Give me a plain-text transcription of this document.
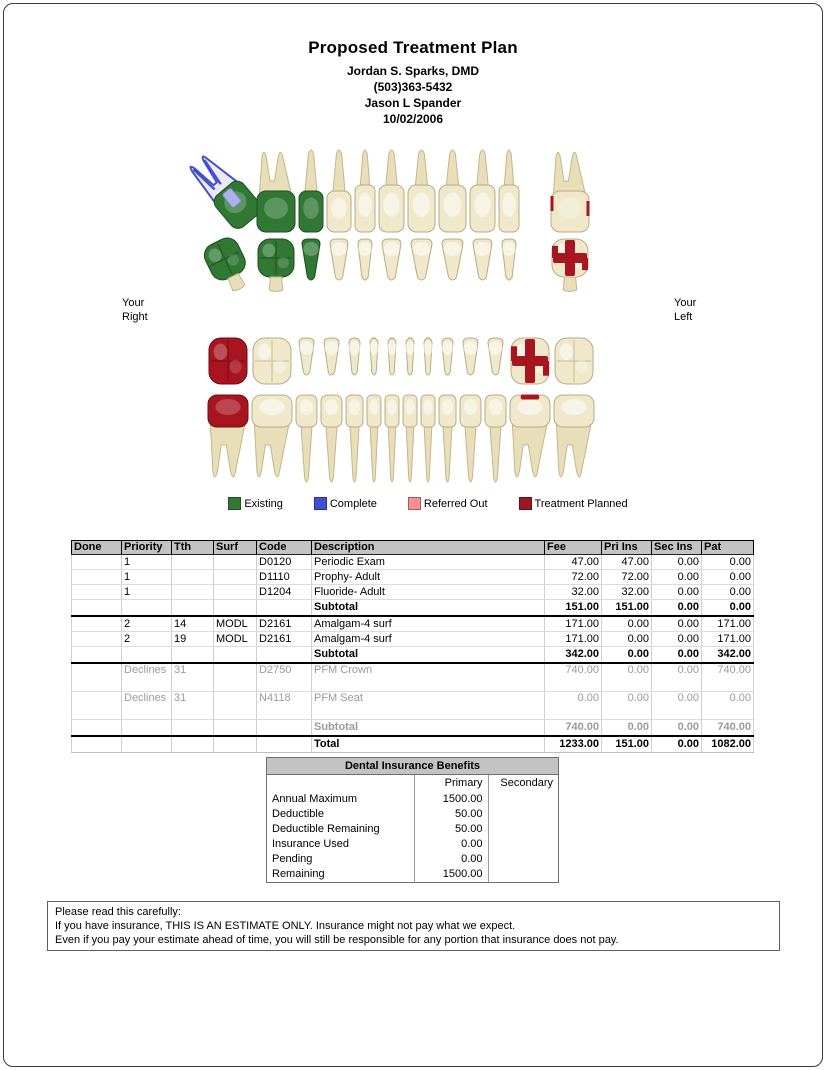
Proposed Treatment Plan
Jordan S. Sparks, DMD
(503)363-5432
Jason L Spander
10/02/2006
Your
Right
Your
Left
Existing	Complete	Referred Out	Treatment Planned
Done	Priority	Tth	Surf	Code	Description	Fee	Pri Ins	Sec Ins	Pat
	1			D0120	Periodic Exam	47.00	47.00	0.00	0.00
	1			D1110	Prophy- Adult	72.00	72.00	0.00	0.00
	1			D1204	Fluoride- Adult	32.00	32.00	0.00	0.00
					Subtotal	151.00	151.00	0.00	0.00
	2	14	MODL	D2161	Amalgam-4 surf	171.00	0.00	0.00	171.00
	2	19	MODL	D2161	Amalgam-4 surf	171.00	0.00	0.00	171.00
					Subtotal	342.00	0.00	0.00	342.00
	Declines	31		D2750	PFM Crown	740.00	0.00	0.00	740.00
	Declines	31		N4118	PFM Seat	0.00	0.00	0.00	0.00
					Subtotal	740.00	0.00	0.00	740.00
					Total	1233.00	151.00	0.00	1082.00
Dental Insurance Benefits
	Primary	Secondary
Annual Maximum	1500.00	
Deductible	50.00	
Deductible Remaining	50.00	
Insurance Used	0.00	
Pending	0.00	
Remaining	1500.00	
Please read this carefully:
If you have insurance, THIS IS AN ESTIMATE ONLY. Insurance might not pay what we expect.
Even if you pay your estimate ahead of time, you will still be responsible for any portion that insurance does not pay.
